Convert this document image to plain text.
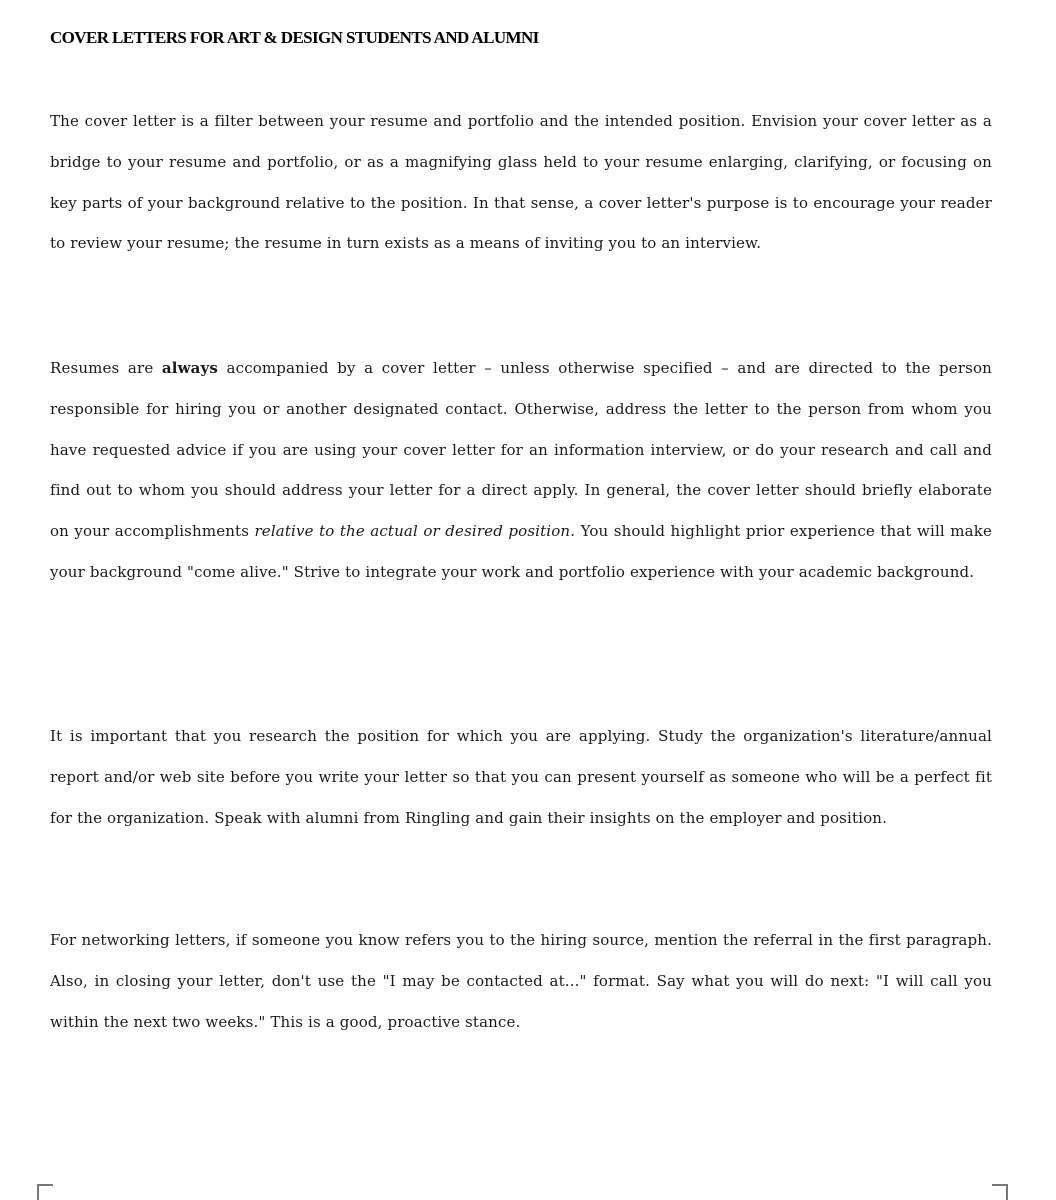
COVER LETTERS FOR ART & DESIGN STUDENTS AND ALUMNI

The cover letter is a filter between your resume and portfolio and the intended position. Envision your cover letter as a bridge to your resume and portfolio, or as a magnifying glass held to your resume enlarging, clarifying, or focusing on key parts of your background relative to the position. In that sense, a cover letter's purpose is to encourage your reader to review your resume; the resume in turn exists as a means of inviting you to an interview.

Resumes are always accompanied by a cover letter – unless otherwise specified – and are directed to the person responsible for hiring you or another designated contact. Otherwise, address the letter to the person from whom you have requested advice if you are using your cover letter for an information interview, or do your research and call and find out to whom you should address your letter for a direct apply. In general, the cover letter should briefly elaborate on your accomplishments relative to the actual or desired position. You should highlight prior experience that will make your background "come alive." Strive to integrate your work and portfolio experience with your academic background.

It is important that you research the position for which you are applying. Study the organization's literature/annual report and/or web site before you write your letter so that you can present yourself as someone who will be a perfect fit for the organization. Speak with alumni from Ringling and gain their insights on the employer and position.

For networking letters, if someone you know refers you to the hiring source, mention the referral in the first paragraph. Also, in closing your letter, don't use the "I may be contacted at..." format. Say what you will do next: "I will call you within the next two weeks." This is a good, proactive stance.
